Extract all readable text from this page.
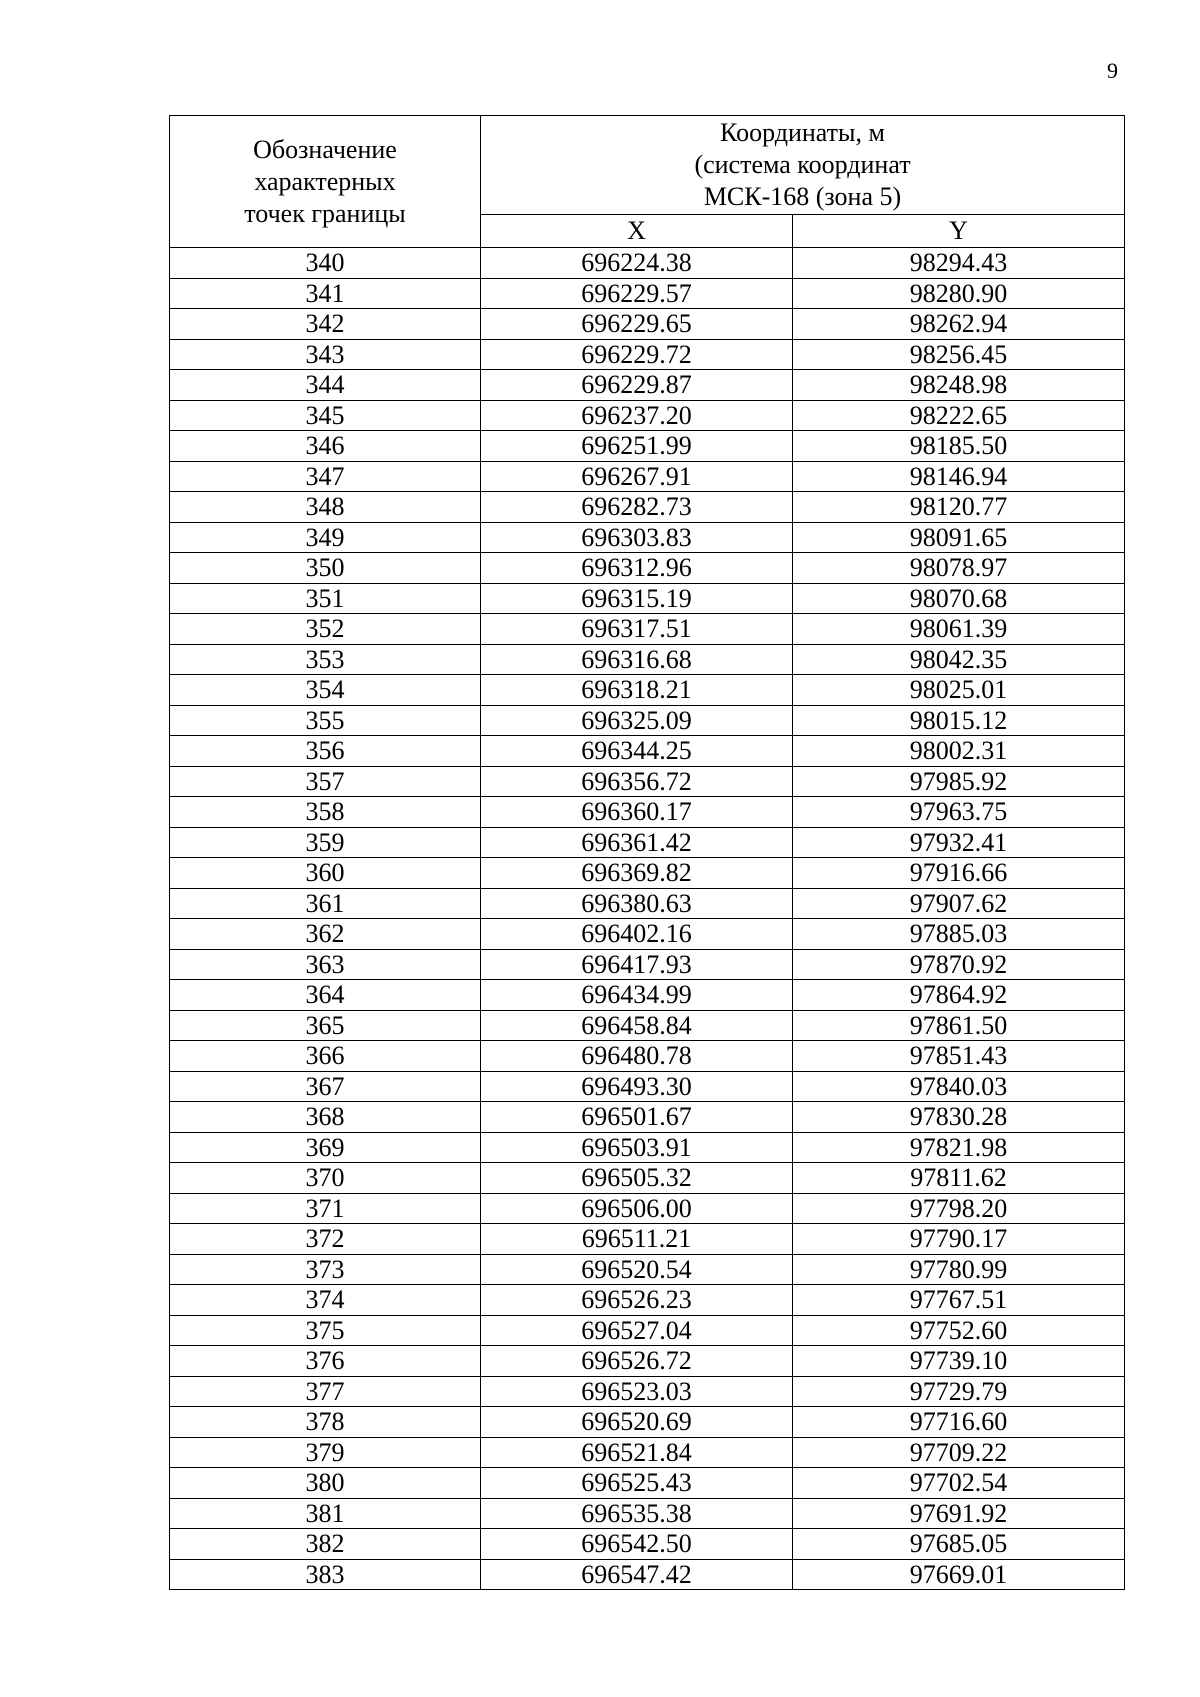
9
Обозначение
характерных
точек границы	Координаты, м
(система координат
МСК-168 (зона 5)	

	X	Y
340	696224.38	98294.43
341	696229.57	98280.90
342	696229.65	98262.94
343	696229.72	98256.45
344	696229.87	98248.98
345	696237.20	98222.65
346	696251.99	98185.50
347	696267.91	98146.94
348	696282.73	98120.77
349	696303.83	98091.65
350	696312.96	98078.97
351	696315.19	98070.68
352	696317.51	98061.39
353	696316.68	98042.35
354	696318.21	98025.01
355	696325.09	98015.12
356	696344.25	98002.31
357	696356.72	97985.92
358	696360.17	97963.75
359	696361.42	97932.41
360	696369.82	97916.66
361	696380.63	97907.62
362	696402.16	97885.03
363	696417.93	97870.92
364	696434.99	97864.92
365	696458.84	97861.50
366	696480.78	97851.43
367	696493.30	97840.03
368	696501.67	97830.28
369	696503.91	97821.98
370	696505.32	97811.62
371	696506.00	97798.20
372	696511.21	97790.17
373	696520.54	97780.99
374	696526.23	97767.51
375	696527.04	97752.60
376	696526.72	97739.10
377	696523.03	97729.79
378	696520.69	97716.60
379	696521.84	97709.22
380	696525.43	97702.54
381	696535.38	97691.92
382	696542.50	97685.05
383	696547.42	97669.01
